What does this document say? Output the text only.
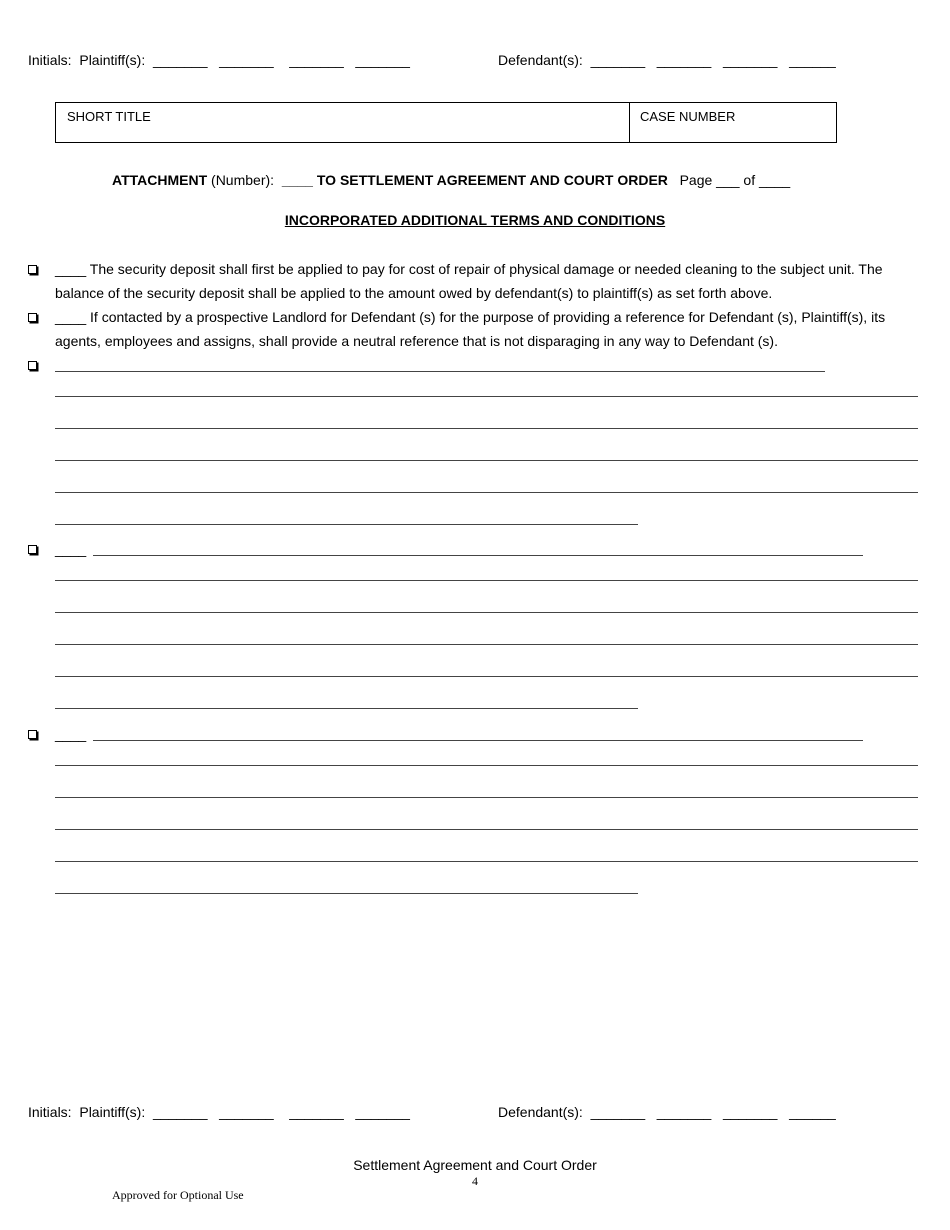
Initials:  Plaintiff(s):  _______   _______    _______   _______	Defendant(s):  _______   _______   _______   ______
SHORT TITLE	CASE NUMBER
ATTACHMENT (Number):  ____ TO SETTLEMENT AGREEMENT AND COURT ORDER   Page ___ of ____
INCORPORATED ADDITIONAL TERMS AND CONDITIONS
____ The security deposit shall first be applied to pay for cost of repair of physical damage or needed cleaning to the subject unit. The balance of the security deposit shall be applied to the amount owed by defendant(s) to plaintiff(s) as set forth above.
____ If contacted by a prospective Landlord for Defendant (s) for the purpose of providing a reference for Defendant (s), Plaintiff(s), its agents, employees and assigns, shall provide a neutral reference that is not disparaging in any way to Defendant (s).
____
____
Initials:  Plaintiff(s):  _______   _______    _______   _______	Defendant(s):  _______   _______   _______   ______
Settlement Agreement and Court Order
4
Approved for Optional Use
